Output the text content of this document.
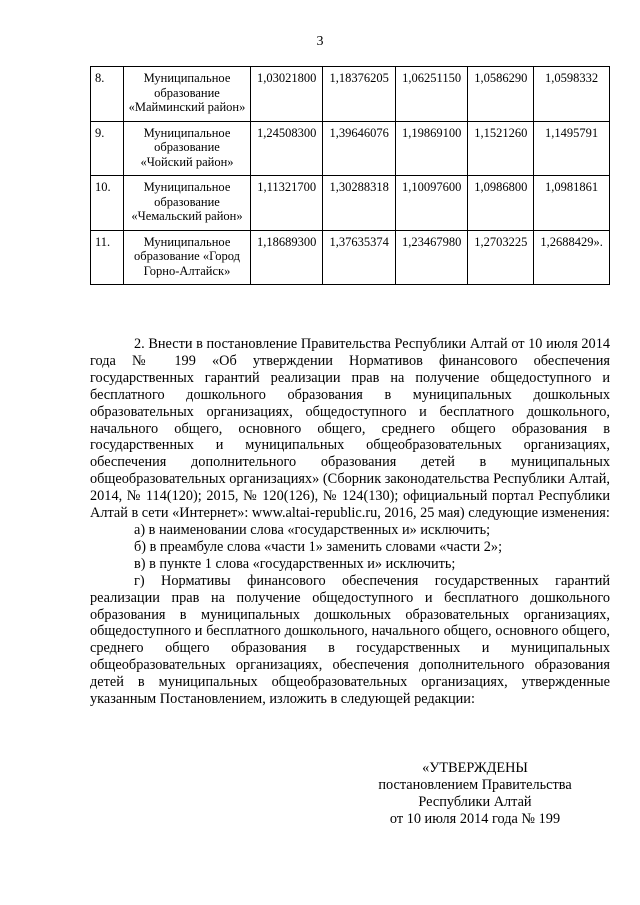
3
8.	Муниципальное образование «Майминский район»	1,03021800	1,18376205	1,06251150	1,0586290	1,0598332
9.	Муниципальное образование «Чойский район»	1,24508300	1,39646076	1,19869100	1,1521260	1,1495791
10.	Муниципальное образование «Чемальский район»	1,11321700	1,30288318	1,10097600	1,0986800	1,0981861
11.	Муниципальное образование «Город Горно-Алтайск»	1,18689300	1,37635374	1,23467980	1,2703225	1,2688429».

2. Внести в постановление Правительства Республики Алтай от 10 июля 2014 года № 199 «Об утверждении Нормативов финансового обеспечения государственных гарантий реализации прав на получение общедоступного и бесплатного дошкольного образования в муниципальных дошкольных образовательных организациях, общедоступного и бесплатного дошкольного, начального общего, основного общего, среднего общего образования в государственных и муниципальных общеобразовательных организациях, обеспечения дополнительного образования детей в муниципальных общеобразовательных организациях» (Сборник законодательства Республики Алтай, 2014, № 114(120); 2015, № 120(126), № 124(130); официальный портал Республики Алтай в сети «Интернет»: www.altai-republic.ru, 2016, 25 мая) следующие изменения:

а) в наименовании слова «государственных и» исключить;

б) в преамбуле слова «части 1» заменить словами «части 2»;

в) в пункте 1 слова «государственных и» исключить;

г) Нормативы финансового обеспечения государственных гарантий реализации прав на получение общедоступного и бесплатного дошкольного образования в муниципальных дошкольных образовательных организациях, общедоступного и бесплатного дошкольного, начального общего, основного общего, среднего общего образования в государственных и муниципальных общеобразовательных организациях, обеспечения дополнительного образования детей в муниципальных общеобразовательных организациях, утвержденные указанным Постановлением, изложить в следующей редакции:

«УТВЕРЖДЕНЫ
постановлением Правительства
Республики Алтай
от 10 июля 2014 года № 199
